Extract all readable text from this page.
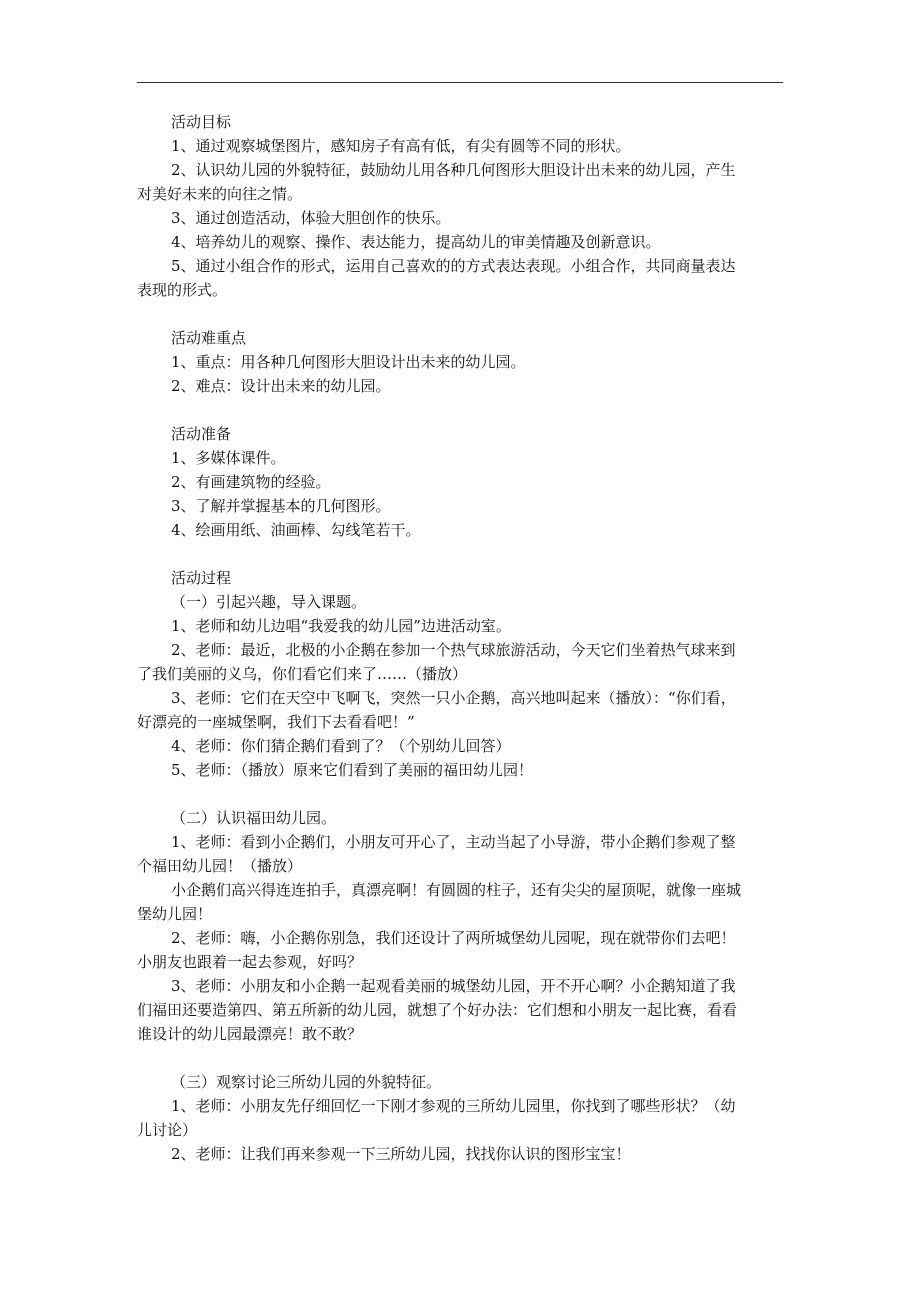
活动目标
1、通过观察城堡图片，感知房子有高有低，有尖有圆等不同的形状。
2、认识幼儿园的外貌特征，鼓励幼儿用各种几何图形大胆设计出未来的幼儿园，产生
对美好未来的向往之情。
3、通过创造活动，体验大胆创作的快乐。
4、培养幼儿的观察、操作、表达能力，提高幼儿的审美情趣及创新意识。
5、通过小组合作的形式，运用自己喜欢的的方式表达表现。小组合作，共同商量表达
表现的形式。
活动难重点
1、重点：用各种几何图形大胆设计出未来的幼儿园。
2、难点：设计出未来的幼儿园。
活动准备
1、多媒体课件。
2、有画建筑物的经验。
3、了解并掌握基本的几何图形。
4、绘画用纸、油画棒、勾线笔若干。
活动过程
（一）引起兴趣，导入课题。
1、老师和幼儿边唱“我爱我的幼儿园”边进活动室。
2、老师：最近，北极的小企鹅在参加一个热气球旅游活动，今天它们坐着热气球来到
了我们美丽的义乌，你们看它们来了……（播放）
3、老师：它们在天空中飞啊飞，突然一只小企鹅，高兴地叫起来（播放）：“你们看，
好漂亮的一座城堡啊，我们下去看看吧！”
4、老师：你们猜企鹅们看到了？（个别幼儿回答）
5、老师：（播放）原来它们看到了美丽的福田幼儿园！
（二）认识福田幼儿园。
1、老师：看到小企鹅们，小朋友可开心了，主动当起了小导游，带小企鹅们参观了整
个福田幼儿园！（播放）
小企鹅们高兴得连连拍手，真漂亮啊！有圆圆的柱子，还有尖尖的屋顶呢，就像一座城
堡幼儿园！
2、老师：嗨，小企鹅你别急，我们还设计了两所城堡幼儿园呢，现在就带你们去吧！
小朋友也跟着一起去参观，好吗？
3、老师：小朋友和小企鹅一起观看美丽的城堡幼儿园，开不开心啊？小企鹅知道了我
们福田还要造第四、第五所新的幼儿园，就想了个好办法：它们想和小朋友一起比赛，看看
谁设计的幼儿园最漂亮！敢不敢？
（三）观察讨论三所幼儿园的外貌特征。
1、老师：小朋友先仔细回忆一下刚才参观的三所幼儿园里，你找到了哪些形状？（幼
儿讨论）
2、老师：让我们再来参观一下三所幼儿园，找找你认识的图形宝宝！
